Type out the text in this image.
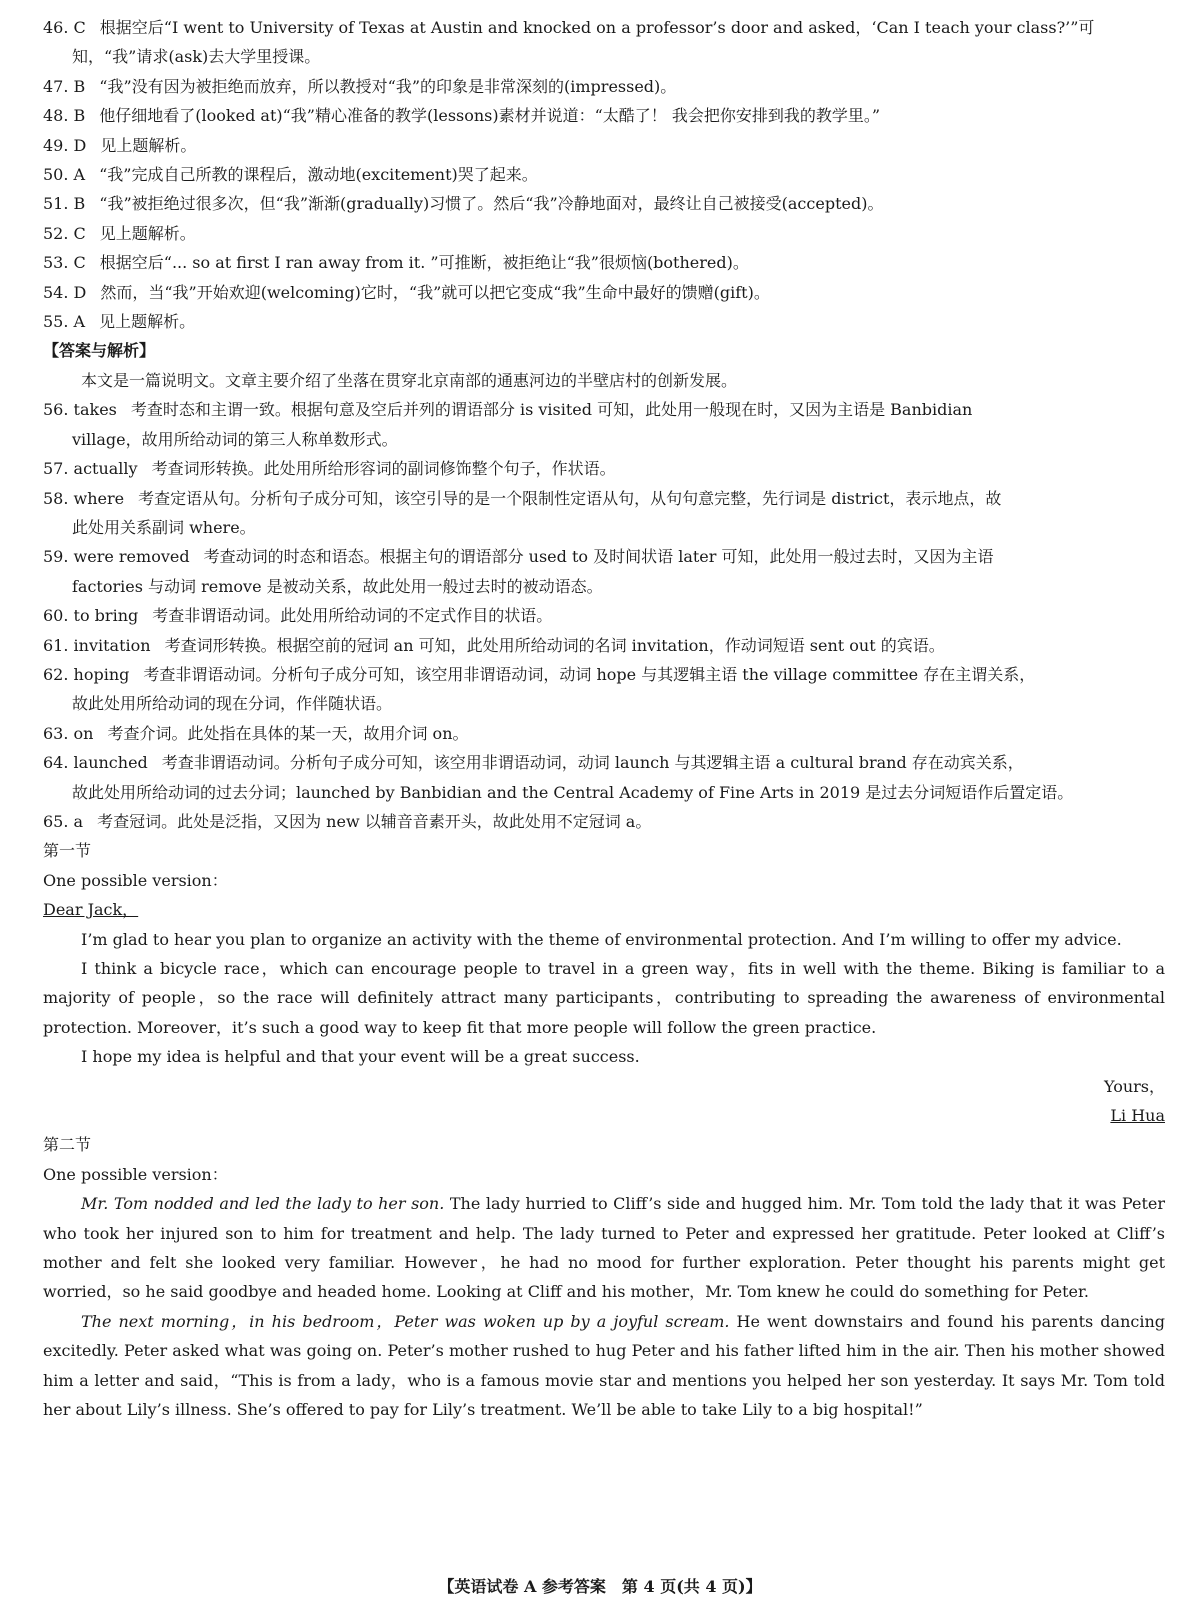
46. C 根据空后“I went to University of Texas at Austin and knocked on a professor’s door and asked，‘Can I teach your class?’”可
知，“我”请求(ask)去大学里授课。
47. B “我”没有因为被拒绝而放弃，所以教授对“我”的印象是非常深刻的(impressed)。
48. B 他仔细地看了(looked at)“我”精心准备的教学(lessons)素材并说道：“太酷了！ 我会把你安排到我的教学里。”
49. D 见上题解析。
50. A “我”完成自己所教的课程后，激动地(excitement)哭了起来。
51. B “我”被拒绝过很多次，但“我”渐渐(gradually)习惯了。然后“我”冷静地面对，最终让自己被接受(accepted)。
52. C 见上题解析。
53. C 根据空后“... so at first I ran away from it. ”可推断，被拒绝让“我”很烦恼(bothered)。
54. D 然而，当“我”开始欢迎(welcoming)它时，“我”就可以把它变成“我”生命中最好的馈赠(gift)。
55. A 见上题解析。
【答案与解析】
本文是一篇说明文。文章主要介绍了坐落在贯穿北京南部的通惠河边的半壁店村的创新发展。
56. takes 考查时态和主谓一致。根据句意及空后并列的谓语部分 is visited 可知，此处用一般现在时，又因为主语是 Banbidian
village，故用所给动词的第三人称单数形式。
57. actually 考查词形转换。此处用所给形容词的副词修饰整个句子，作状语。
58. where 考查定语从句。分析句子成分可知，该空引导的是一个限制性定语从句，从句句意完整，先行词是 district，表示地点，故
此处用关系副词 where。
59. were removed 考查动词的时态和语态。根据主句的谓语部分 used to 及时间状语 later 可知，此处用一般过去时，又因为主语
factories 与动词 remove 是被动关系，故此处用一般过去时的被动语态。
60. to bring 考查非谓语动词。此处用所给动词的不定式作目的状语。
61. invitation 考查词形转换。根据空前的冠词 an 可知，此处用所给动词的名词 invitation，作动词短语 sent out 的宾语。
62. hoping 考查非谓语动词。分析句子成分可知，该空用非谓语动词，动词 hope 与其逻辑主语 the village committee 存在主谓关系，
故此处用所给动词的现在分词，作伴随状语。
63. on 考查介词。此处指在具体的某一天，故用介词 on。
64. launched 考查非谓语动词。分析句子成分可知，该空用非谓语动词，动词 launch 与其逻辑主语 a cultural brand 存在动宾关系，
故此处用所给动词的过去分词；launched by Banbidian and the Central Academy of Fine Arts in 2019 是过去分词短语作后置定语。
65. a 考查冠词。此处是泛指，又因为 new 以辅音音素开头，故此处用不定冠词 a。
第一节
One possible version：
Dear Jack，
I’m glad to hear you plan to organize an activity with the theme of environmental protection. And I’m willing to offer my advice.
I think a bicycle race，which can encourage people to travel in a green way，fits in well with the theme. Biking is familiar to a majority of people，so the race will definitely attract many participants，contributing to spreading the awareness of environmental protection. Moreover，it’s such a good way to keep fit that more people will follow the green practice.
I hope my idea is helpful and that your event will be a great success.
Yours，
Li Hua
第二节
One possible version：
Mr. Tom nodded and led the lady to her son. The lady hurried to Cliff’s side and hugged him. Mr. Tom told the lady that it was Peter who took her injured son to him for treatment and help. The lady turned to Peter and expressed her gratitude. Peter looked at Cliff’s mother and felt she looked very familiar. However，he had no mood for further exploration. Peter thought his parents might get worried，so he said goodbye and headed home. Looking at Cliff and his mother，Mr. Tom knew he could do something for Peter.
The next morning，in his bedroom，Peter was woken up by a joyful scream. He went downstairs and found his parents dancing excitedly. Peter asked what was going on. Peter’s mother rushed to hug Peter and his father lifted him in the air. Then his mother showed him a letter and said，“This is from a lady，who is a famous movie star and mentions you helped her son yesterday. It says Mr. Tom told her about Lily’s illness. She’s offered to pay for Lily’s treatment. We’ll be able to take Lily to a big hospital!”
【英语试卷 A 参考答案　第 4 页(共 4 页)】
